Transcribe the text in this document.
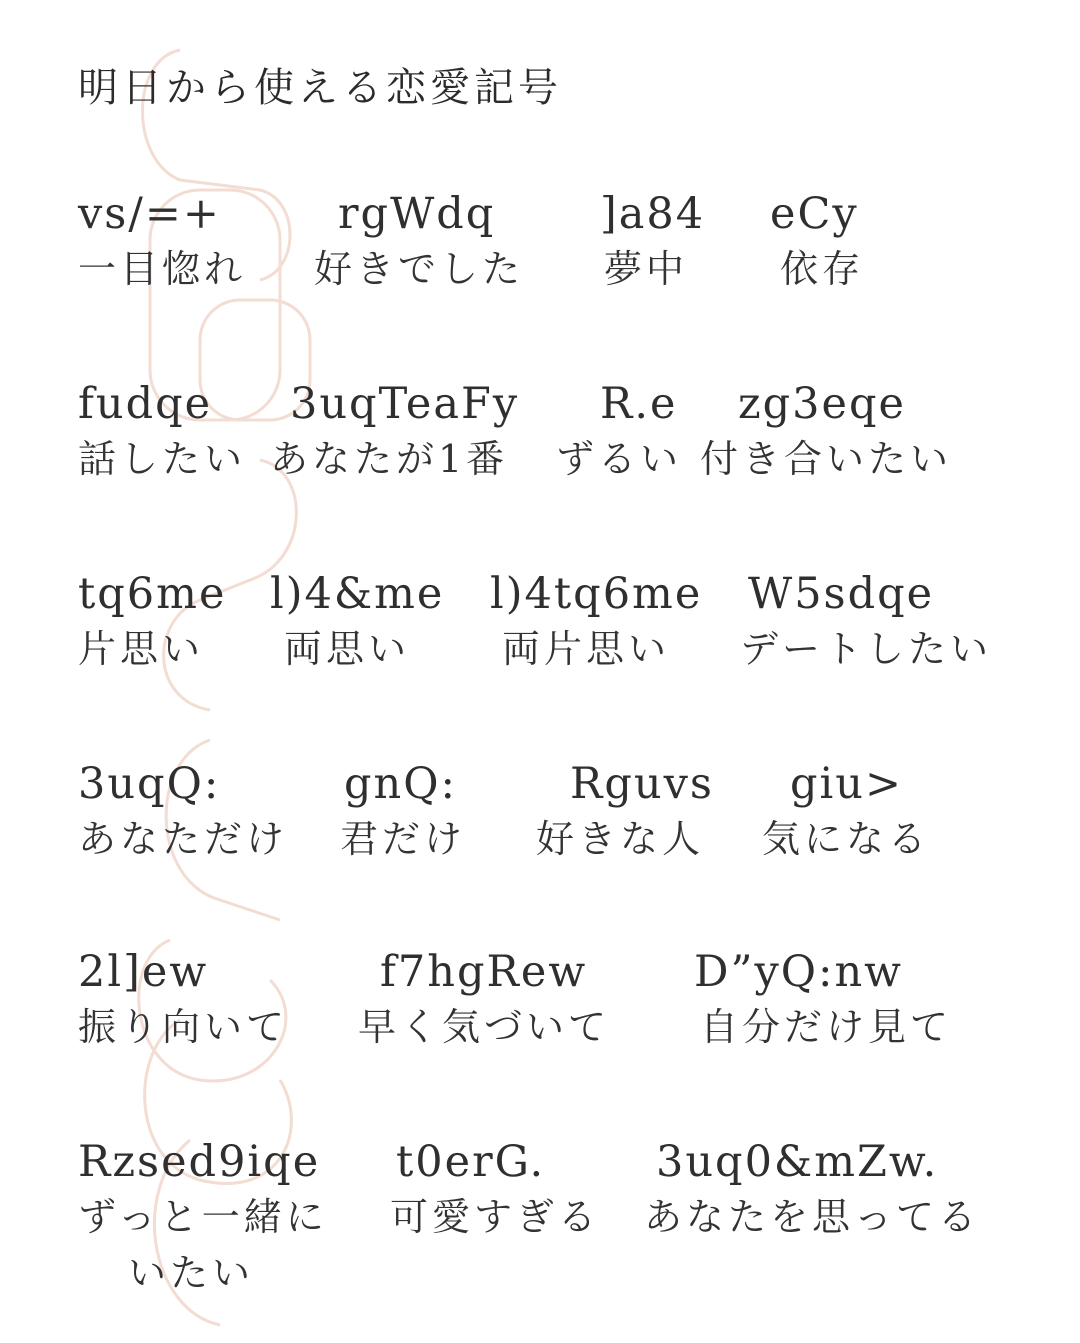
明日から使える恋愛記号
vs/=+	rgWdq ]a84 eCy
一目惚れ 好きでした 夢中 依存
fudqe 3uqTeaFy R.e zg3eqe
話したい あなたが1番 ずるい 付き合いたい
tq6me l)4&me l)4tq6me W5sdqe
片思い 両思い 両片思い デートしたい
3uqQ:	gnQ:	Rguvs giu>
あなただけ 君だけ 好きな人 気になる
2l]ew	f7hgRew D”yQ:nw
振り向いて 早く気づいて 自分だけ見て
Rzsed9iqe t0erG.	3uq0&mZw.
ずっと一緒に 可愛すぎる あなたを思ってる
いたい
